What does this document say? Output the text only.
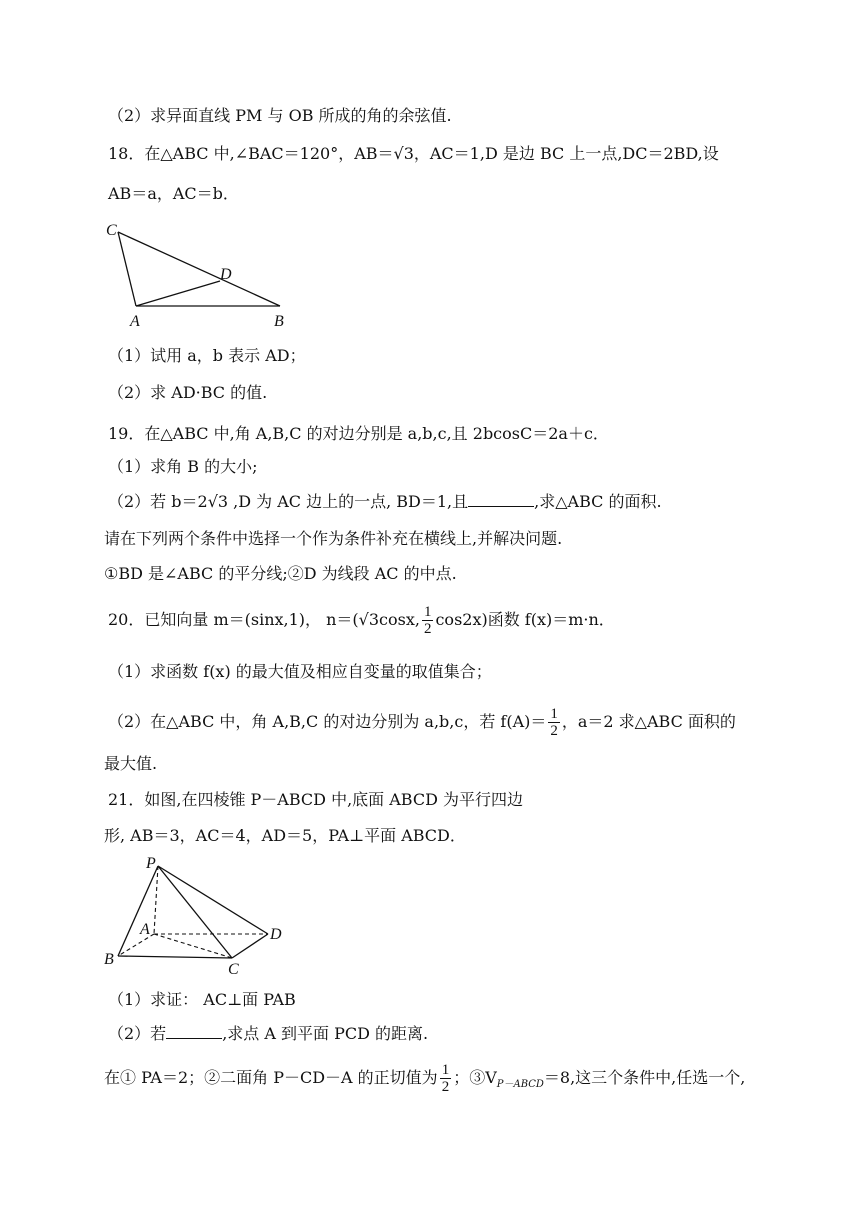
（2）求异面直线 PM 与 OB 所成的角的余弦值.
18．在△ABC 中,∠BAC＝120°，AB＝√3，AC＝1,D 是边 BC 上一点,DC＝2BD,设
AB＝a，AC＝b．
C
D
A	B
（1）试用 a，b 表示 AD；
（2）求 AD·BC 的值.
19．在△ABC 中,角 A,B,C 的对边分别是 a,b,c,且 2bcosC＝2a＋c．
（1）求角 B 的大小;
（2）若 b＝2√3 ,D 为 AC 边上的一点, BD＝1,且	,求△ABC 的面积.
请在下列两个条件中选择一个作为条件补充在横线上,并解决问题.
①BD 是∠ABC 的平分线;②D 为线段 AC 的中点.
20．已知向量 m＝(sinx,1)， n＝(√3cosx, $\frac{1}{2} \cos 2x$)函数 f(x)＝m·n．
（1）求函数 f(x) 的最大值及相应自变量的取值集合；
（2）在△ABC 中，角 A,B,C 的对边分别为 a,b,c，若 $f(A)= \frac{1}{2}$ ，a＝2 求△ABC 面积的
最大值.
21．如图,在四棱锥 P－ABCD 中,底面 ABCD 为平行四边
形, AB＝3，AC＝4，AD＝5，PA⊥平面 ABCD．
P
A
B
C
D
（1）求证： AC⊥面 PAB
（2）若	,求点 A 到平面 PCD 的距离.
在① PA＝2；②二面角 P－CD－A 的正切值为 $\frac{1}{2}$ ；$③V_{P-ABCD}=8$,这三个条件中,任选一个,
